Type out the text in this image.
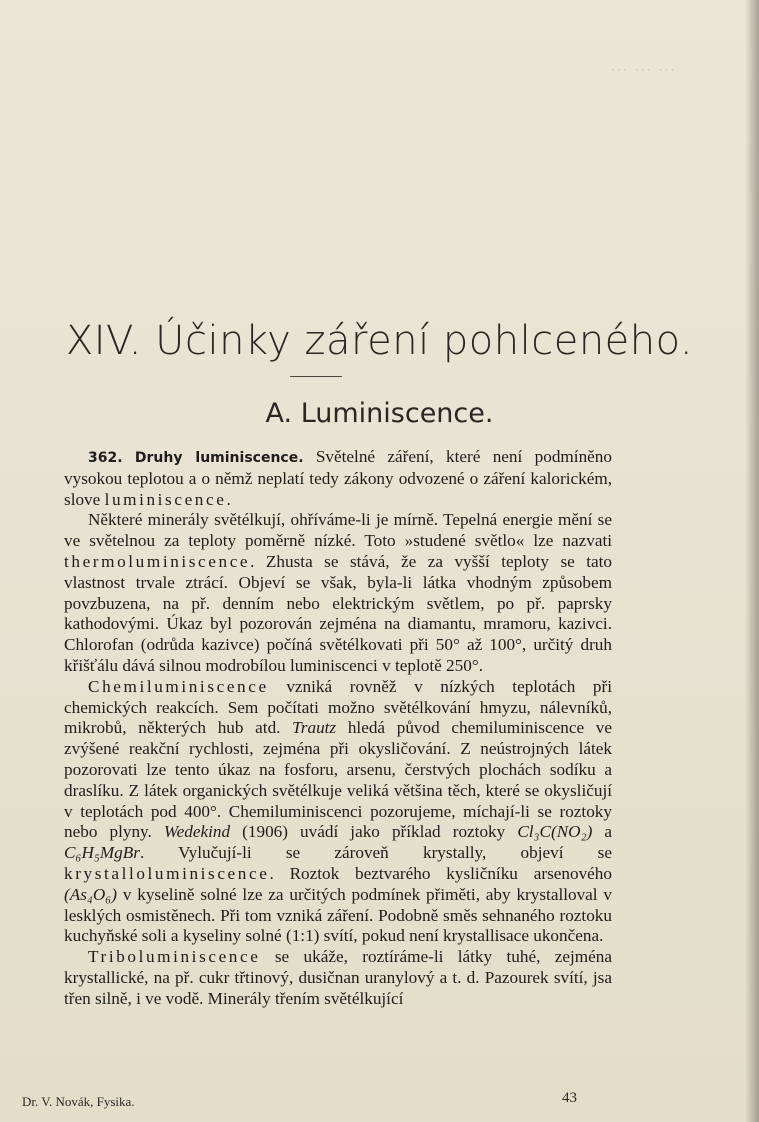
⋯ ⋯ ⋯
XIV. Účinky záření pohlceného.
A. Luminiscence.

362. Druhy luminiscence. Světelné záření, které není podmíněno vysokou teplotou a o němž neplatí tedy zákony odvozené o záření kalorickém, slove luminiscence.

Některé minerály světélkují, ohříváme-li je mírně. Tepelná energie mění se ve světelnou za teploty poměrně nízké. Toto »studené světlo« lze nazvati thermoluminiscence. Zhusta se stává, že za vyšší teploty se tato vlastnost trvale ztrácí. Objeví se však, byla-li látka vhodným způsobem povzbuzena, na př. denním nebo elektrickým světlem, po př. paprsky kathodovými. Úkaz byl pozorován zejména na diamantu, mramoru, kazivci. Chlorofan (odrůda kazivce) počíná světélkovati při 50° až 100°, určitý druh křišťálu dává silnou modrobílou luminiscenci v teplotě 250°.

Chemiluminiscence vzniká rovněž v nízkých teplotách při chemických reakcích. Sem počítati možno světélkování hmyzu, nálevníků, mikrobů, některých hub atd. Trautz hledá původ chemiluminiscence ve zvýšené reakční rychlosti, zejména při okysličování. Z neústrojných látek pozorovati lze tento úkaz na fosforu, arsenu, čerstvých plochách sodíku a draslíku. Z látek organických světélkuje veliká většina těch, které se okysličují v teplotách pod 400°. Chemiluminiscenci pozorujeme, míchají-li se roztoky nebo plyny. Wedekind (1906) uvádí jako příklad roztoky Cl₃C(NO₂) a C₆H₅MgBr. Vylučují-li se zároveň krystally, objeví se krystalloluminiscence. Roztok beztvarého kysličníku arsenového (As₄O₆) v kyselině solné lze za určitých podmínek přiměti, aby krystalloval v lesklých osmistěnech. Při tom vzniká záření. Podobně směs sehnaného roztoku kuchyňské soli a kyseliny solné (1:1) svítí, pokud není krystallisace ukončena.

Triboluminiscence se ukáže, roztíráme-li látky tuhé, zejména krystallické, na př. cukr třtinový, dusičnan uranylový a t. d. Pazourek svítí, jsa třen silně, i ve vodě. Minerály třením světélkující

Dr. V. Novák, Fysika.	43
